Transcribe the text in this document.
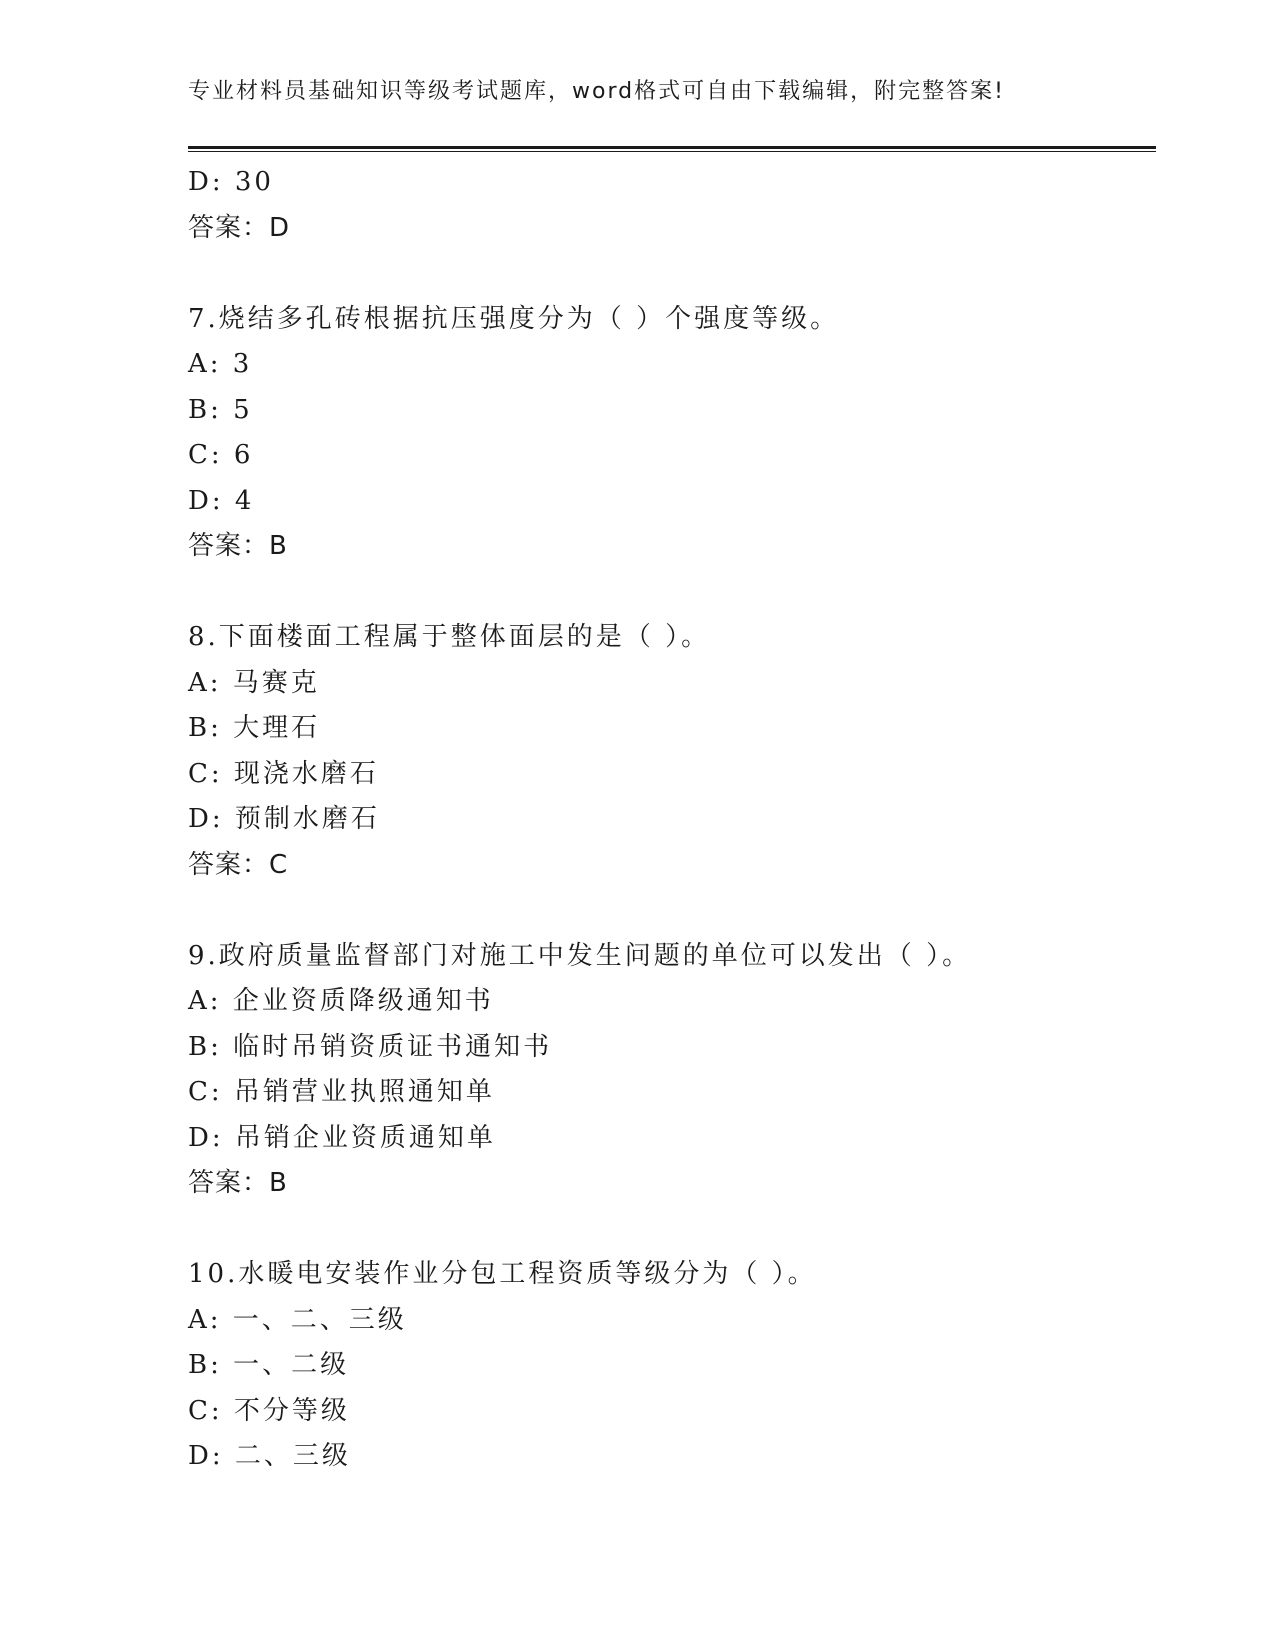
专业材料员基础知识等级考试题库，word格式可自由下载编辑，附完整答案!
D: 30
答案：D
7.烧结多孔砖根据抗压强度分为（ ）个强度等级。
A: 3
B: 5
C: 6
D: 4
答案：B
8.下面楼面工程属于整体面层的是（ ）。
A: 马赛克
B: 大理石
C: 现浇水磨石
D: 预制水磨石
答案：C
9.政府质量监督部门对施工中发生问题的单位可以发出（ ）。
A: 企业资质降级通知书
B: 临时吊销资质证书通知书
C: 吊销营业执照通知单
D: 吊销企业资质通知单
答案：B
10.水暖电安装作业分包工程资质等级分为（ ）。
A: 一、二、三级
B: 一、二级
C: 不分等级
D: 二、三级
